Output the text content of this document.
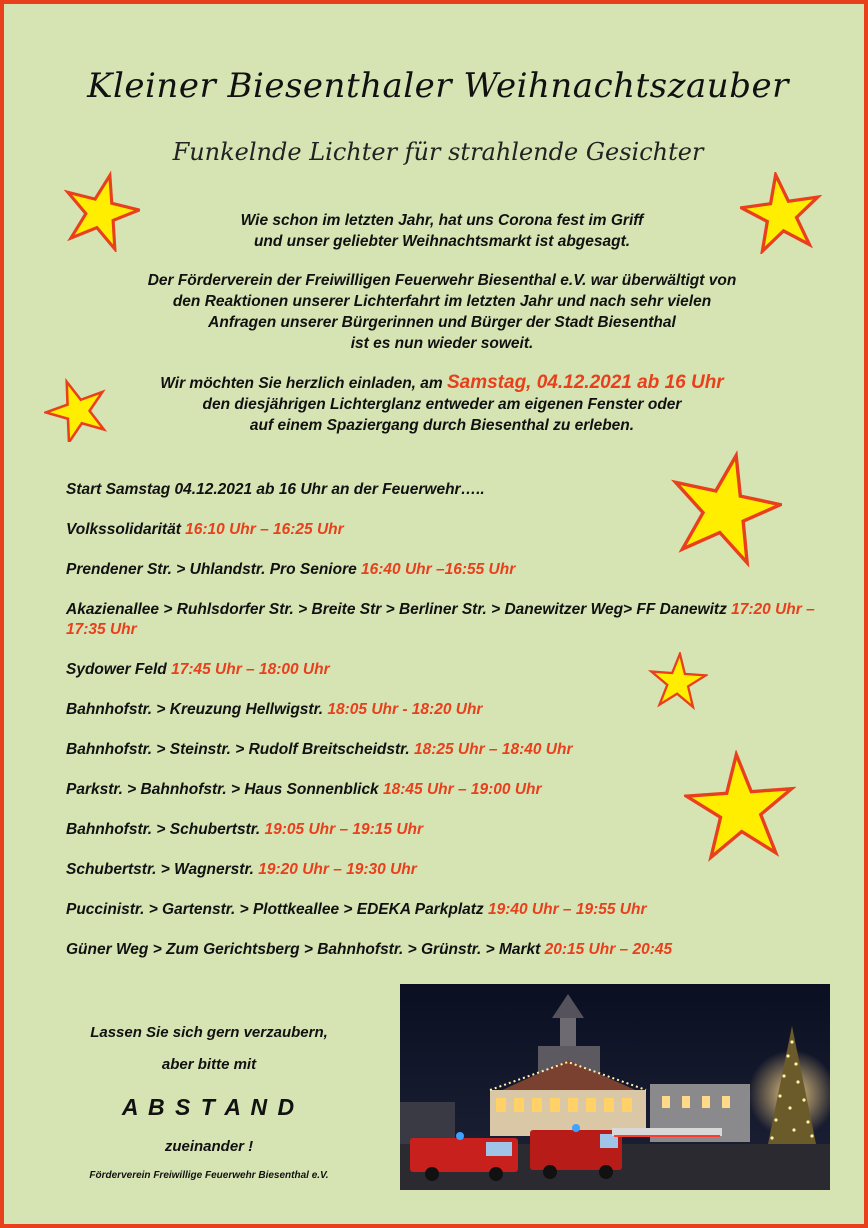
Kleiner Biesenthaler Weihnachtszauber
Funkelnde Lichter für strahlende Gesichter
Wie schon im letzten Jahr, hat uns Corona fest im Griff
und unser geliebter Weihnachtsmarkt ist abgesagt.
Der Förderverein der Freiwilligen Feuerwehr Biesenthal e.V. war überwältigt von
den Reaktionen unserer Lichterfahrt im letzten Jahr und nach sehr vielen
Anfragen unserer Bürgerinnen und Bürger der Stadt Biesenthal
ist es nun wieder soweit.
Wir möchten Sie herzlich einladen, am Samstag, 04.12.2021 ab 16 Uhr
den diesjährigen Lichterglanz entweder am eigenen Fenster oder
auf einem Spaziergang durch Biesenthal zu erleben.
Start Samstag 04.12.2021 ab 16 Uhr an der Feuerwehr…..
Volkssolidarität 16:10 Uhr – 16:25 Uhr
Prendener Str. > Uhlandstr. Pro Seniore 16:40 Uhr –16:55 Uhr
Akazienallee > Ruhlsdorfer Str. > Breite Str > Berliner Str. > Danewitzer Weg> FF Danewitz 17:20 Uhr – 17:35 Uhr
Sydower Feld 17:45 Uhr – 18:00 Uhr
Bahnhofstr. > Kreuzung Hellwigstr. 18:05 Uhr - 18:20 Uhr
Bahnhofstr. > Steinstr. > Rudolf Breitscheidstr. 18:25 Uhr – 18:40 Uhr
Parkstr. > Bahnhofstr. > Haus Sonnenblick 18:45 Uhr – 19:00 Uhr
Bahnhofstr. > Schubertstr. 19:05 Uhr – 19:15 Uhr
Schubertstr. > Wagnerstr. 19:20 Uhr – 19:30 Uhr
Puccinistr. > Gartenstr. > Plottkeallee > EDEKA Parkplatz 19:40 Uhr – 19:55 Uhr
Güner Weg > Zum Gerichtsberg > Bahnhofstr. > Grünstr. > Markt 20:15 Uhr – 20:45
Lassen Sie sich gern verzaubern,
aber bitte mit
A B S T A N D
zueinander !
Förderverein Freiwillige Feuerwehr Biesenthal e.V.
